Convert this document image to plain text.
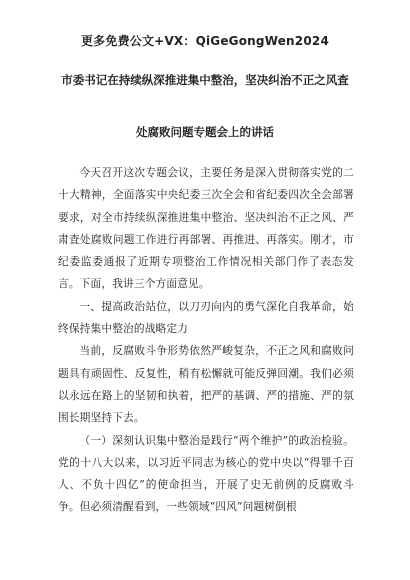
更多免费公文+VX：QiGeGongWen2024
市委书记在持续纵深推进集中整治，坚决纠治不正之风査
处腐败问题专题会上的讲话

今天召开这次专题会议，主要任务是深入贯彻落实党的二十大精神，全面落实中央纪委三次全会和省纪委四次全会部署要求，对全市持续纵深推进集中整治、坚决纠治不正之风、严肃査处腐败问题工作进行再部署、再推进、再落实。刚才，市纪委监委通报了近期专项整治工作情况相关部门作了表态发言。下面，我讲三个方面意见。

一、提高政治站位，以刀刃向内的勇气深化自我革命，始终保持集中整治的战略定力

当前，反腐败斗争形势依然严峻复杂，不正之风和腐败问题具有顽固性、反复性，稍有松懈就可能反弹回潮。我们必须以永远在路上的坚韧和执着，把严的基调、严的措施、严的氛围长期坚持下去。

（一）深刻认识集中整治是践行“两个维护”的政治检验。党的十八大以来，以习近平同志为核心的党中央以“得罪千百人、不负十四亿”的使命担当，开展了史无前例的反腐败斗争。但必须清醒看到，一些领域“四风”问题树倒根
